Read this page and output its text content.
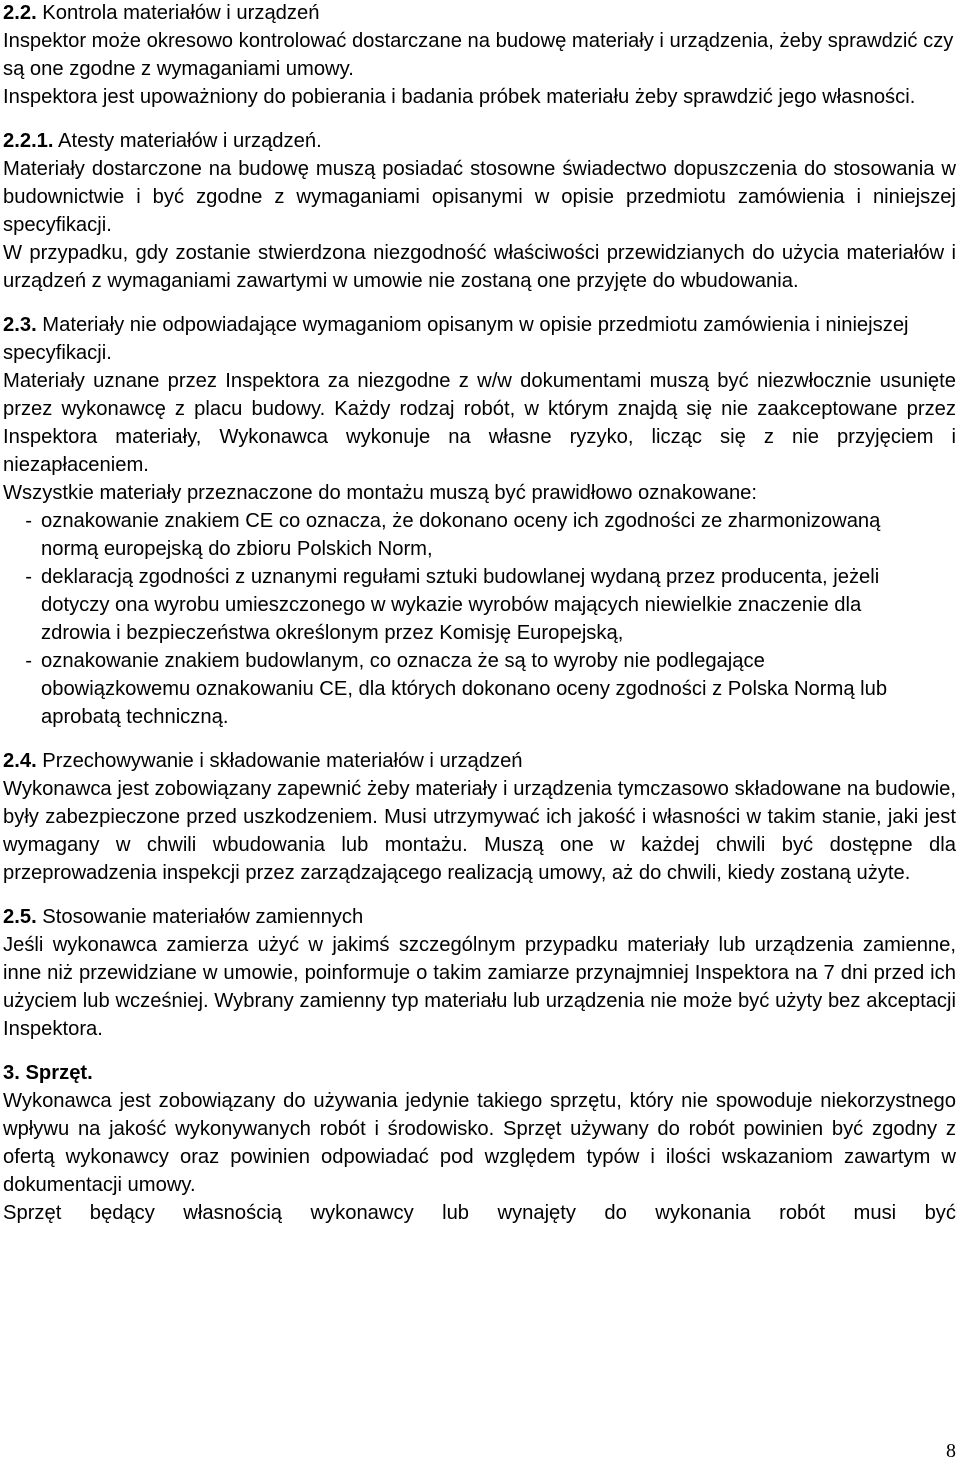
2.2. Kontrola materiałów i urządzeń

Inspektor może okresowo kontrolować dostarczane na budowę materiały i urządzenia, żeby sprawdzić czy są one zgodne z wymaganiami umowy.

Inspektora jest upoważniony do pobierania i badania próbek materiału żeby sprawdzić jego własności.

2.2.1. Atesty materiałów i urządzeń.

Materiały dostarczone na budowę muszą posiadać stosowne świadectwo dopuszczenia do stosowania w budownictwie i być zgodne z wymaganiami opisanymi w opisie przedmiotu zamówienia i niniejszej specyfikacji.

W przypadku, gdy zostanie stwierdzona niezgodność właściwości przewidzianych do użycia materiałów i urządzeń z wymaganiami zawartymi w umowie nie zostaną one przyjęte do wbudowania.

2.3. Materiały nie odpowiadające wymaganiom opisanym w opisie przedmiotu zamówienia i niniejszej specyfikacji.

Materiały uznane przez Inspektora za niezgodne z w/w dokumentami muszą być niezwłocznie usunięte przez wykonawcę z placu budowy. Każdy rodzaj robót, w którym znajdą się nie zaakceptowane przez Inspektora materiały, Wykonawca wykonuje na własne ryzyko, licząc się z nie przyjęciem i niezapłaceniem.

Wszystkie materiały przeznaczone do montażu muszą być prawidłowo oznakowane:

- oznakowanie znakiem CE co oznacza, że dokonano oceny ich zgodności ze zharmonizowaną normą europejską do zbioru Polskich Norm,
- deklaracją zgodności z uznanymi regułami sztuki budowlanej wydaną przez producenta, jeżeli dotyczy ona wyrobu umieszczonego w wykazie wyrobów mających niewielkie znaczenie dla zdrowia i bezpieczeństwa określonym przez Komisję Europejską,
- oznakowanie znakiem budowlanym, co oznacza że są to wyroby nie podlegające obowiązkowemu oznakowaniu CE, dla których dokonano oceny zgodności z Polska Normą lub aprobatą techniczną.

2.4. Przechowywanie i składowanie materiałów i urządzeń

Wykonawca jest zobowiązany zapewnić żeby materiały i urządzenia tymczasowo składowane na budowie, były zabezpieczone przed uszkodzeniem. Musi utrzymywać ich jakość i własności w takim stanie, jaki jest wymagany w chwili wbudowania lub montażu. Muszą one w każdej chwili być dostępne dla przeprowadzenia inspekcji przez zarządzającego realizacją umowy, aż do chwili, kiedy zostaną użyte.

2.5. Stosowanie materiałów zamiennych

Jeśli wykonawca zamierza użyć w jakimś szczególnym przypadku materiały lub urządzenia zamienne, inne niż przewidziane w umowie, poinformuje o takim zamiarze przynajmniej Inspektora na 7 dni przed ich użyciem lub wcześniej. Wybrany zamienny typ materiału lub urządzenia nie może być użyty bez akceptacji Inspektora.

3. Sprzęt.

Wykonawca jest zobowiązany do używania jedynie takiego sprzętu, który nie spowoduje niekorzystnego wpływu na jakość wykonywanych robót i środowisko. Sprzęt używany do robót powinien być zgodny z ofertą wykonawcy oraz powinien odpowiadać pod względem typów i ilości wskazaniom zawartym w dokumentacji umowy.

Sprzęt będący własnością wykonawcy lub wynajęty do wykonania robót musi być

8
